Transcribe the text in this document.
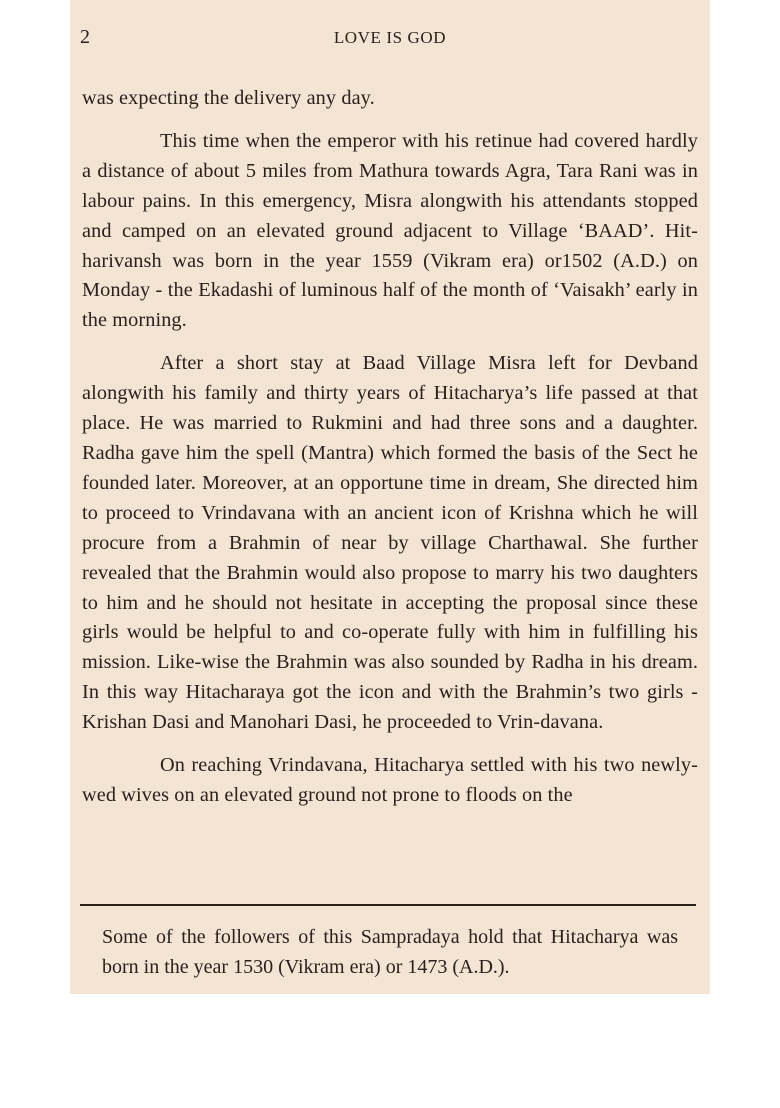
2	LOVE IS GOD

was expecting the delivery any day.

This time when the emperor with his retinue had covered hardly a distance of about 5 miles from Mathura towards Agra, Tara Rani was in labour pains. In this emergency, Misra alongwith his attendants stopped and camped on an elevated ground adjacent to Village ‘BAAD’. Hit-harivansh was born in the year 1559 (Vikram era) or1502 (A.D.) on Monday - the Ekadashi of luminous half of the month of ‘Vaisakh’ early in the morning.

After a short stay at Baad Village Misra left for Devband alongwith his family and thirty years of Hitacharya’s life passed at that place. He was married to Rukmini and had three sons and a daughter. Radha gave him the spell (Mantra) which formed the basis of the Sect he founded later. Moreover, at an opportune time in dream, She directed him to proceed to Vrindavana with an ancient icon of Krishna which he will procure from a Brahmin of near by village Charthawal. She further revealed that the Brahmin would also propose to marry his two daughters to him and he should not hesitate in accepting the proposal since these girls would be helpful to and co-operate fully with him in fulfilling his mission. Like-wise the Brahmin was also sounded by Radha in his dream. In this way Hitacharaya got the icon and with the Brahmin’s two girls - Krishan Dasi and Manohari Dasi, he proceeded to Vrin-davana.

On reaching Vrindavana, Hitacharya settled with his two newly-wed wives on an elevated ground not prone to floods on the

Some of the followers of this Sampradaya hold that Hitacharya was born in the year 1530 (Vikram era) or 1473 (A.D.).
